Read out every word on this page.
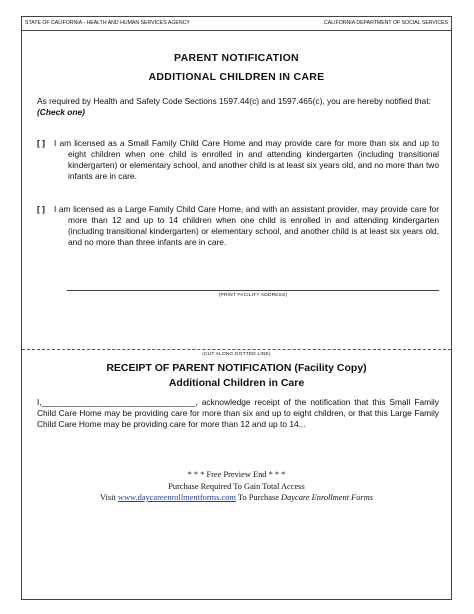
STATE OF CALIFORNIA - HEALTH AND HUMAN SERVICES AGENCY	CALIFORNIA DEPARTMENT OF SOCIAL SERVICES
PARENT NOTIFICATION
ADDITIONAL CHILDREN IN CARE
As required by Health and Safety Code Sections 1597.44(c) and 1597.465(c), you are hereby notified that: (Check one)
[ ]	I am licensed as a Small Family Child Care Home and may provide care for more than six and up to eight children when one child is enrolled in and attending kindergarten (including transitional kindergarten) or elementary school, and another child is at least six years old, and no more than two infants are in care.
[ ]	I am licensed as a Large Family Child Care Home, and with an assistant provider, may provide care for more than 12 and up to 14 children when one child is enrolled in and attending kindergarten (including transitional kindergarten) or elementary school, and another child is at least six years old, and no more than three infants are in care.
(PRINT FACILITY ADDRESS)
(CUT ALONG DOTTED LINE)
RECEIPT OF PARENT NOTIFICATION (Facility Copy)
Additional Children in Care
I,_________________________________, acknowledge receipt of the notification that this Small Family Child Care Home may be providing care for more than six and up to eight children, or that this Large Family Child Care Home may be providing care for more than 12 and up to 14...
* * * Free Preview End * * *
Purchase Required To Gain Total Access
Visit www.daycareenrollmentforms.com To Purchase Daycare Enrollment Forms
